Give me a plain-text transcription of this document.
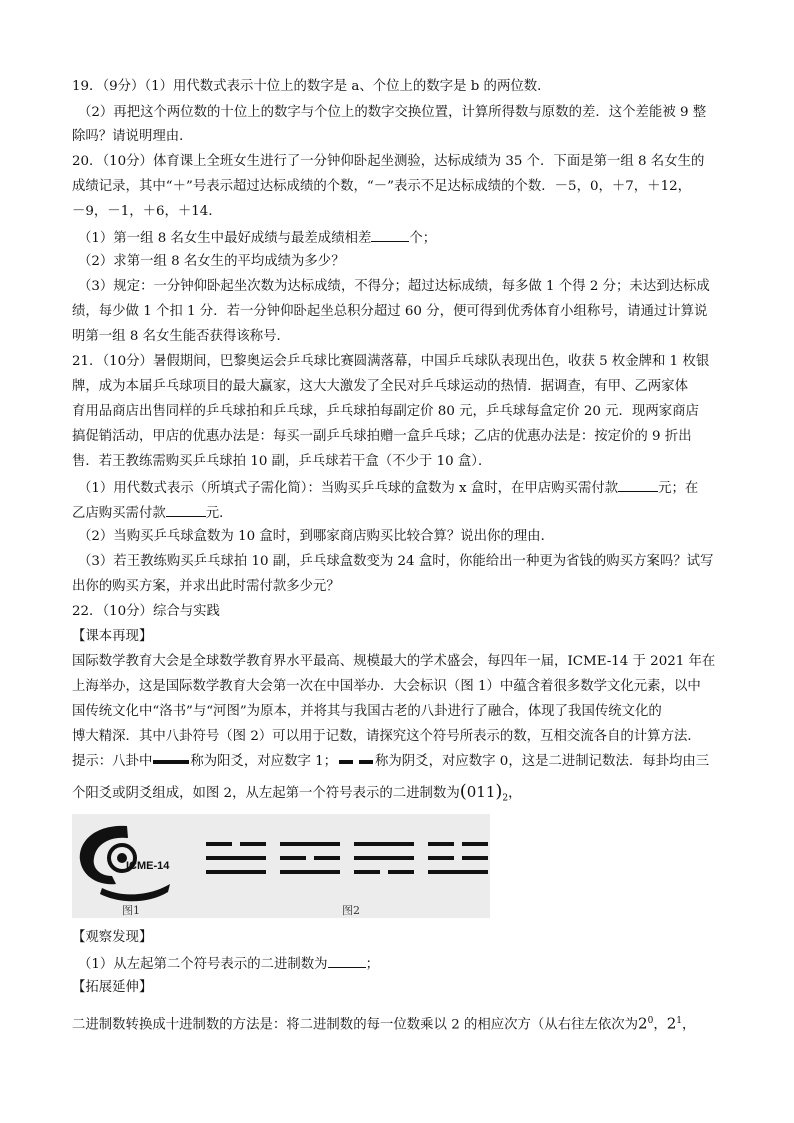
19．（9分）（1）用代数式表示十位上的数字是 a、个位上的数字是 b 的两位数．
（2）再把这个两位数的十位上的数字与个位上的数字交换位置，计算所得数与原数的差．这个差能被 9 整
除吗？请说明理由．
20．（10分）体育课上全班女生进行了一分钟仰卧起坐测验，达标成绩为 35 个．下面是第一组 8 名女生的
成绩记录，其中“＋”号表示超过达标成绩的个数，“－”表示不足达标成绩的个数．－5，0，＋7，＋12，
－9，－1，＋6，＋14．
（1）第一组 8 名女生中最好成绩与最差成绩相差	个；
（2）求第一组 8 名女生的平均成绩为多少？
（3）规定：一分钟仰卧起坐次数为达标成绩，不得分；超过达标成绩，每多做 1 个得 2 分；未达到达标成
绩，每少做 1 个扣 1 分．若一分钟仰卧起坐总积分超过 60 分，便可得到优秀体育小组称号，请通过计算说
明第一组 8 名女生能否获得该称号．
21．（10分）暑假期间，巴黎奥运会乒乓球比赛圆满落幕，中国乒乓球队表现出色，收获 5 枚金牌和 1 枚银
牌，成为本届乒乓球项目的最大赢家，这大大激发了全民对乒乓球运动的热情．据调查，有甲、乙两家体
育用品商店出售同样的乒乓球拍和乒乓球，乒乓球拍每副定价 80 元，乒乓球每盒定价 20 元．现两家商店
搞促销活动，甲店的优惠办法是：每买一副乒乓球拍赠一盒乒乓球；乙店的优惠办法是：按定价的 9 折出
售．若王教练需购买乒乓球拍 10 副，乒乓球若干盒（不少于 10 盒）．
（1）用代数式表示（所填式子需化简）：当购买乒乓球的盒数为 x 盒时，在甲店购买需付款	元；在
乙店购买需付款	元．
（2）当购买乒乓球盒数为 10 盒时，到哪家商店购买比较合算？说出你的理由．
（3）若王教练购买乒乓球拍 10 副，乒乓球盒数变为 24 盒时，你能给出一种更为省钱的购买方案吗？试写
出你的购买方案，并求出此时需付款多少元？
22．（10分）综合与实践
【课本再现】
国际数学教育大会是全球数学教育界水平最高、规模最大的学术盛会，每四年一届，ICME-14 于 2021 年在
上海举办，这是国际数学教育大会第一次在中国举办．大会标识（图 1）中蕴含着很多数学文化元素，以中
国传统文化中“洛书”与“河图”为原本，并将其与我国古老的八卦进行了融合，体现了我国传统文化的
博大精深．其中八卦符号（图 2）可以用于记数，请探究这个符号所表示的数，互相交流各自的计算方法．
提示：八卦中	称为阳爻，对应数字 1；	称为阴爻，对应数字 0，这是二进制记数法．每卦均由三
个阳爻或阴爻组成，如图 2，从左起第一个符号表示的二进制数为$(011)_2$，
ICME-14
图1	图2
【观察发现】
（1）从左起第二个符号表示的二进制数为	；
【拓展延伸】
二进制数转换成十进制数的方法是：将二进制数的每一位数乘以 2 的相应次方（从右往左依次为$2^0$，$2^1$，
